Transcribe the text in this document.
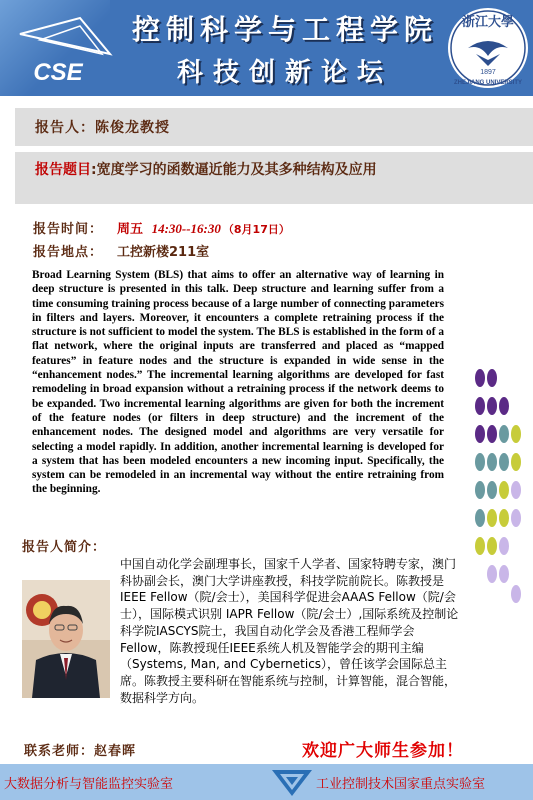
CSE
控制科学与工程学院
科技创新论坛
浙江大學
1897
ZHEJIANG UNIVERSITY
报告人：陈俊龙教授
报告题目:宽度学习的函数逼近能力及其多种结构及应用
报告时间： 周五 14:30--16:30 （8月17日）
报告地点： 工控新楼211室
Broad Learning System (BLS) that aims to offer an alternative way of learning in deep structure is presented in this talk. Deep structure and learning suffer from a time consuming training process because of a large number of connecting parameters in filters and layers. Moreover, it encounters a complete retraining process if the structure is not sufficient to model the system. The BLS is established in the form of a flat network, where the original inputs are transferred and placed as “mapped features” in feature nodes and the structure is expanded in wide sense in the “enhancement nodes.” The incremental learning algorithms are developed for fast remodeling in broad expansion without a retraining process if the network deems to be expanded. Two incremental learning algorithms are given for both the increment of the feature nodes (or filters in deep structure) and the increment of the enhancement nodes. The designed model and algorithms are very versatile for selecting a model rapidly. In addition, another incremental learning is developed for a system that has been modeled encounters a new incoming input. Specifically, the system can be remodeled in an incremental way without the entire retraining from the beginning.
报告人简介：
中国自动化学会副理事长，国家千人学者、国家特聘专家，澳门科协副会长，澳门大学讲座教授，科技学院前院长。陈教授是IEEE Fellow（院/会士），美国科学促进会AAAS Fellow（院/会士），国际模式识别 IAPR Fellow（院/会士）,国际系统及控制论科学院IASCYS院士，我国自动化学会及香港工程师学会Fellow，陈教授现任IEEE系统人机及智能学会的期刊主编（Systems, Man, and Cybernetics），曾任该学会国际总主席。陈教授主要科研在智能系统与控制，计算智能，混合智能，数据科学方向。
联系老师：赵春晖	欢迎广大师生参加！
大数据分析与智能监控实验室	工业控制技术国家重点实验室
